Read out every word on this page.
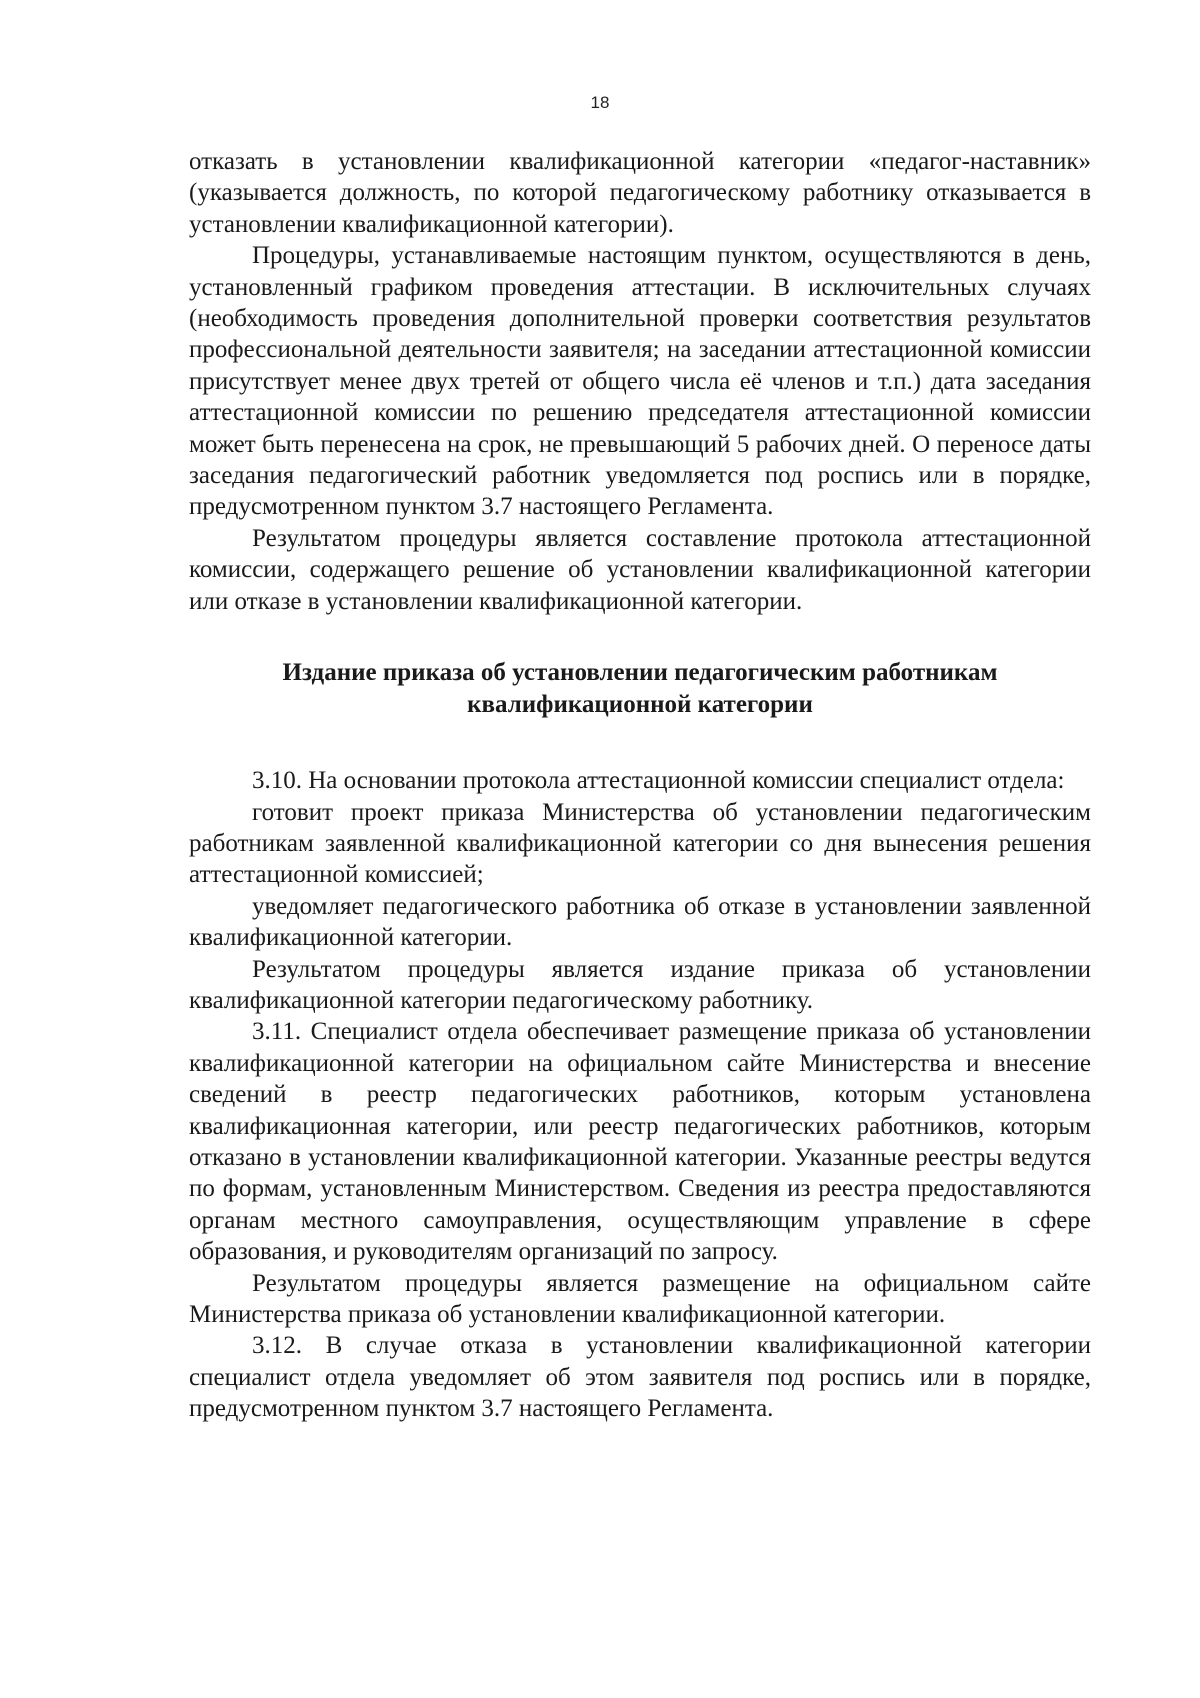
18

отказать в установлении квалификационной категории «педагог-наставник» (указывается должность, по которой педагогическому работнику отказывается в установлении квалификационной категории).

Процедуры, устанавливаемые настоящим пунктом, осуществляются в день, установленный графиком проведения аттестации. В исключительных случаях (необходимость проведения дополнительной проверки соответствия результатов профессиональной деятельности заявителя; на заседании аттестационной комиссии присутствует менее двух третей от общего числа её членов и т.п.) дата заседания аттестационной комиссии по решению председателя аттестационной комиссии может быть перенесена на срок, не превышающий 5 рабочих дней. О переносе даты заседания педагогический работник уведомляется под роспись или в порядке, предусмотренном пунктом 3.7 настоящего Регламента.

Результатом процедуры является составление протокола аттестационной комиссии, содержащего решение об установлении квалификационной категории или отказе в установлении квалификационной категории.

Издание приказа об установлении педагогическим работникам
квалификационной категории

3.10. На основании протокола аттестационной комиссии специалист отдела:

готовит проект приказа Министерства об установлении педагогическим работникам заявленной квалификационной категории со дня вынесения решения аттестационной комиссией;

уведомляет педагогического работника об отказе в установлении заявленной квалификационной категории.

Результатом процедуры является издание приказа об установлении квалификационной категории педагогическому работнику.

3.11. Специалист отдела обеспечивает размещение приказа об установлении квалификационной категории на официальном сайте Министерства и внесение сведений в реестр педагогических работников, которым установлена квалификационная категории, или реестр педагогических работников, которым отказано в установлении квалификационной категории. Указанные реестры ведутся по формам, установленным Министерством. Сведения из реестра предоставляются органам местного самоуправления, осуществляющим управление в сфере образования, и руководителям организаций по запросу.

Результатом процедуры является размещение на официальном сайте Министерства приказа об установлении квалификационной категории.

3.12. В случае отказа в установлении квалификационной категории специалист отдела уведомляет об этом заявителя под роспись или в порядке, предусмотренном пунктом 3.7 настоящего Регламента.
